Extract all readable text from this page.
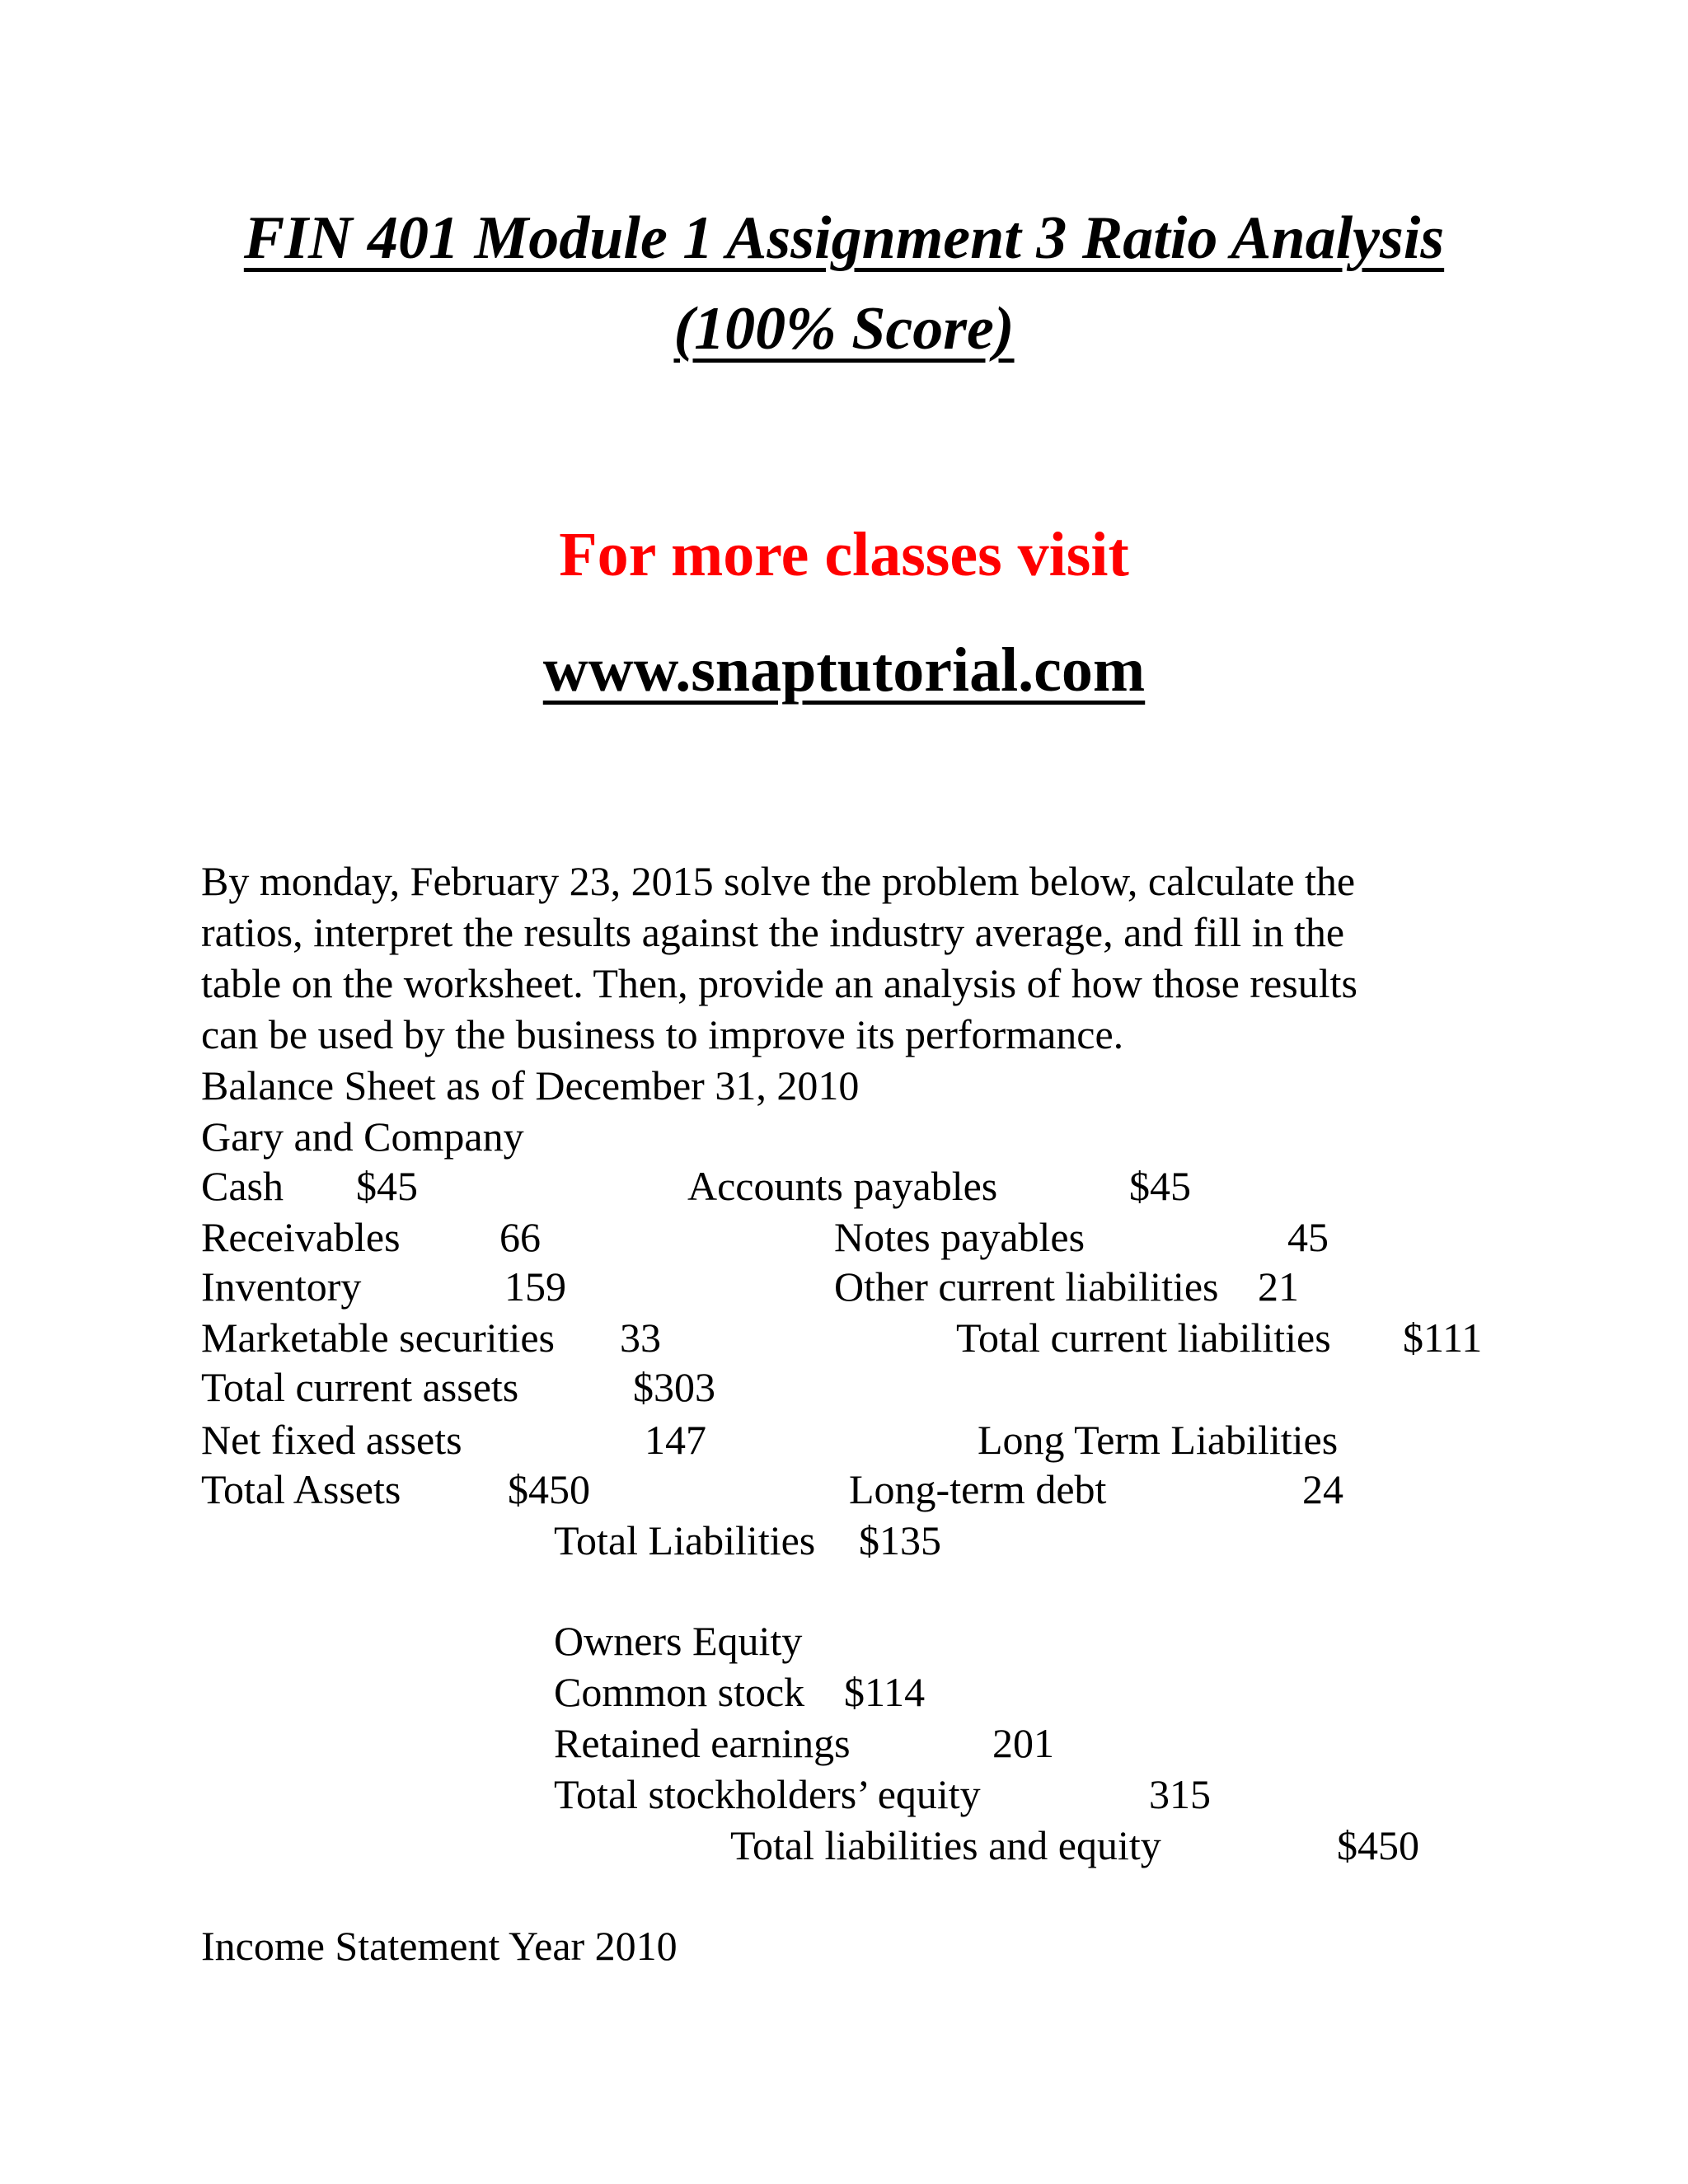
FIN 401 Module 1 Assignment 3 Ratio Analysis
(100% Score)
For more classes visit
www.snaptutorial.com
By monday, February 23, 2015 solve the problem below, calculate the
ratios, interpret the results against the industry average, and fill in the
table on the worksheet. Then, provide an analysis of how those results
can be used by the business to improve its performance.
Balance Sheet as of December 31, 2010
Gary and Company
Cash $45
Receivables 66
Inventory	159
Marketable securities 33
Total current assets	$303
Net fixed assets	147
Total Assets	$450
Accounts payables	$45
Notes payables	45
Other current liabilities 21
Total current liabilities $111
Long Term Liabilities
Long-term debt	24
Total Liabilities $135
Owners Equity
Common stock $114
Retained earnings	201
Total stockholders’ equity	315
Total liabilities and equity	$450
Income Statement Year 2010
